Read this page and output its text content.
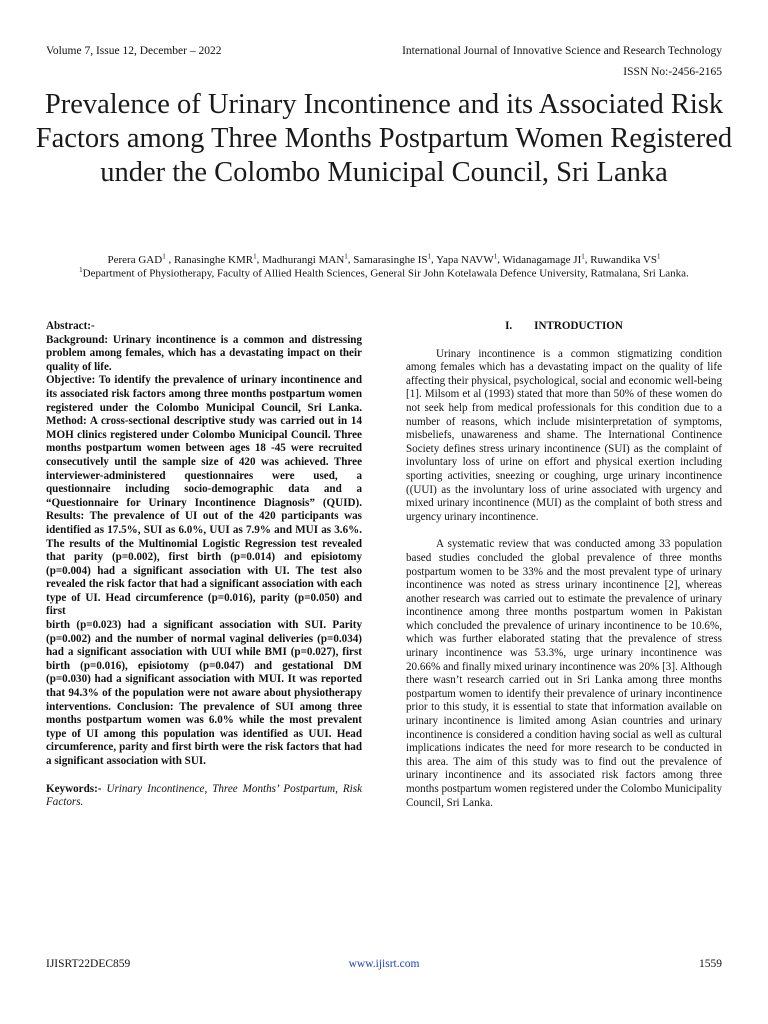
Volume 7, Issue 12, December – 2022	International Journal of Innovative Science and Research Technology
ISSN No:-2456-2165
Prevalence of Urinary Incontinence and its Associated Risk Factors among Three Months Postpartum Women Registered under the Colombo Municipal Council, Sri Lanka
Perera GAD$^1$ , Ranasinghe KMR$^1$, Madhurangi MAN$^1$, Samarasinghe $IS^1$, Yapa NAVW$^1$, Widanagamage $JI^1$, Ruwandika $VS^1$
$^1$Department of Physiotherapy, Faculty of Allied Health Sciences, General Sir John Kotelawala Defence University, Ratmalana, Sri Lanka.

Abstract:-

Background: Urinary incontinence is a common and distressing problem among females, which has a devastating impact on their quality of life.

Objective: To identify the prevalence of urinary incontinence and its associated risk factors among three months postpartum women registered under the Colombo Municipal Council, Sri Lanka. Method: A cross-sectional descriptive study was carried out in 14 MOH clinics registered under Colombo Municipal Council. Three months postpartum women between ages 18 -45 were recruited consecutively until the sample size of 420 was achieved. Three interviewer-administered questionnaires were used, a questionnaire including socio-demographic data and a “Questionnaire for Urinary Incontinence Diagnosis” (QUID). Results: The prevalence of UI out of the 420 participants was identified as 17.5%, SUI as 6.0%, UUI as 7.9% and MUI as 3.6%. The results of the Multinomial Logistic Regression test revealed that parity (p=0.002), first birth (p=0.014) and episiotomy (p=0.004) had a significant association with UI. The test also revealed the risk factor that had a significant association with each type of UI. Head circumference (p=0.016), parity (p=0.050) and first

birth (p=0.023) had a significant association with SUI. Parity (p=0.002) and the number of normal vaginal deliveries (p=0.034) had a significant association with UUI while BMI (p=0.027), first birth (p=0.016), episiotomy (p=0.047) and gestational DM (p=0.030) had a significant association with MUI. It was reported that 94.3% of the population were not aware about physiotherapy interventions. Conclusion: The prevalence of SUI among three months postpartum women was 6.0% while the most prevalent type of UI among this population was identified as UUI. Head circumference, parity and first birth were the risk factors that had a significant association with SUI.

Keywords:- Urinary Incontinence, Three Months’ Postpartum, Risk Factors.
I. INTRODUCTION

Urinary incontinence is a common stigmatizing condition among females which has a devastating impact on the quality of life affecting their physical, psychological, social and economic well-being [1]. Milsom et al (1993) stated that more than 50% of these women do not seek help from medical professionals for this condition due to a number of reasons, which include misinterpretation of symptoms, misbeliefs, unawareness and shame. The International Continence Society defines stress urinary incontinence (SUI) as the complaint of involuntary loss of urine on effort and physical exertion including sporting activities, sneezing or coughing, urge urinary incontinence ((UUI) as the involuntary loss of urine associated with urgency and mixed urinary incontinence (MUI) as the complaint of both stress and urgency urinary incontinence.

A systematic review that was conducted among 33 population based studies concluded the global prevalence of three months postpartum women to be 33% and the most prevalent type of urinary incontinence was noted as stress urinary incontinence [2], whereas another research was carried out to estimate the prevalence of urinary incontinence among three months postpartum women in Pakistan which concluded the prevalence of urinary incontinence to be 10.6%, which was further elaborated stating that the prevalence of stress urinary incontinence was 53.3%, urge urinary incontinence was 20.66% and finally mixed urinary incontinence was 20% [3]. Although there wasn’t research carried out in Sri Lanka among three months postpartum women to identify their prevalence of urinary incontinence prior to this study, it is essential to state that information available on urinary incontinence is limited among Asian countries and urinary incontinence is considered a condition having social as well as cultural implications indicates the need for more research to be conducted in this area. The aim of this study was to find out the prevalence of urinary incontinence and its associated risk factors among three months postpartum women registered under the Colombo Municipality Council, Sri Lanka.

IJISRT22DEC859	www.ijisrt.com	1559
